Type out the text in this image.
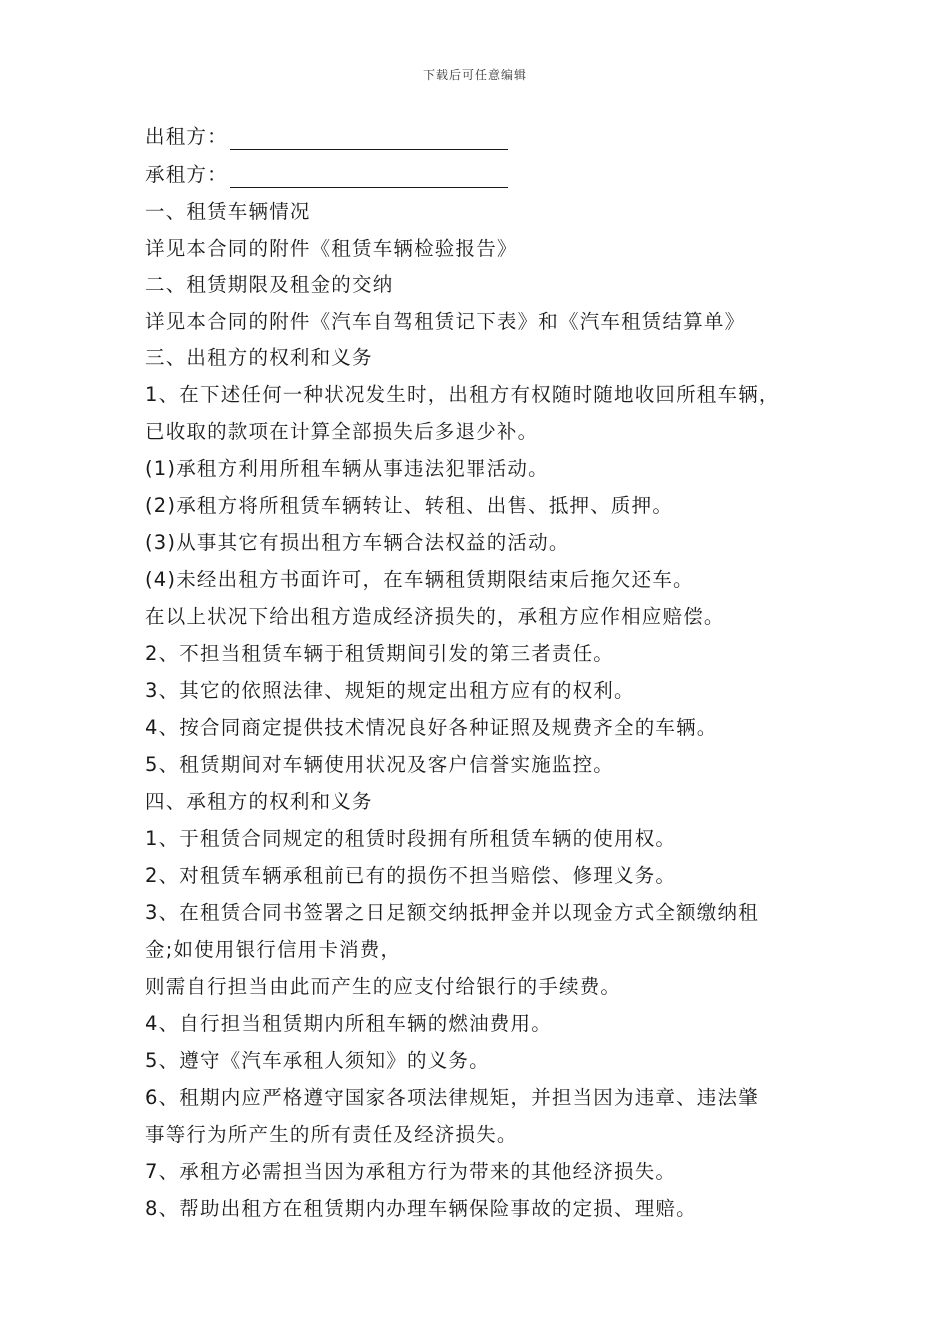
下载后可任意编辑
出租方：
承租方：

一、租赁车辆情况

详见本合同的附件《租赁车辆检验报告》

二、租赁期限及租金的交纳

详见本合同的附件《汽车自驾租赁记下表》和《汽车租赁结算单》

三、出租方的权利和义务

1、在下述任何一种状况发生时，出租方有权随时随地收回所租车辆，

已收取的款项在计算全部损失后多退少补。

(1)承租方利用所租车辆从事违法犯罪活动。

(2)承租方将所租赁车辆转让、转租、出售、抵押、质押。

(3)从事其它有损出租方车辆合法权益的活动。

(4)未经出租方书面许可，在车辆租赁期限结束后拖欠还车。

在以上状况下给出租方造成经济损失的，承租方应作相应赔偿。

2、不担当租赁车辆于租赁期间引发的第三者责任。

3、其它的依照法律、规矩的规定出租方应有的权利。

4、按合同商定提供技术情况良好各种证照及规费齐全的车辆。

5、租赁期间对车辆使用状况及客户信誉实施监控。

四、承租方的权利和义务

1、于租赁合同规定的租赁时段拥有所租赁车辆的使用权。

2、对租赁车辆承租前已有的损伤不担当赔偿、修理义务。

3、在租赁合同书签署之日足额交纳抵押金并以现金方式全额缴纳租

金;如使用银行信用卡消费，

则需自行担当由此而产生的应支付给银行的手续费。

4、自行担当租赁期内所租车辆的燃油费用。

5、遵守《汽车承租人须知》的义务。

6、租期内应严格遵守国家各项法律规矩，并担当因为违章、违法肇

事等行为所产生的所有责任及经济损失。

7、承租方必需担当因为承租方行为带来的其他经济损失。

8、帮助出租方在租赁期内办理车辆保险事故的定损、理赔。
